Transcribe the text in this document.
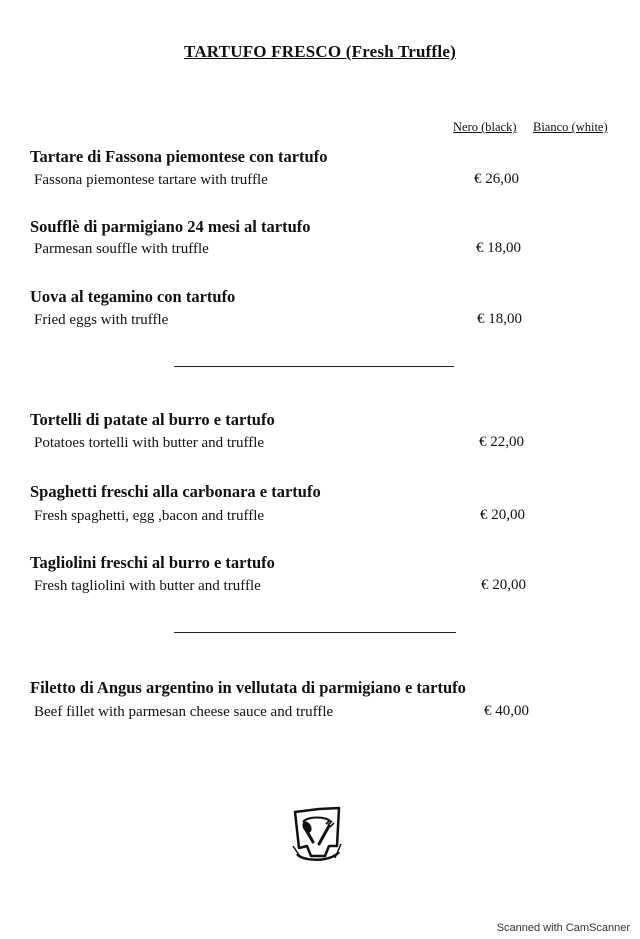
TARTUFO FRESCO (Fresh Truffle)
Nero (black) Bianco (white)
Tartare di Fassona piemontese con tartufo
Fassona piemontese tartare with truffle	€ 26,00
Soufflè di parmigiano 24 mesi al tartufo
Parmesan souffle with truffle	€ 18,00
Uova al tegamino con tartufo
Fried eggs with truffle	€ 18,00
Tortelli di patate al burro e tartufo
Potatoes tortelli with butter and truffle	€ 22,00
Spaghetti freschi alla carbonara e tartufo
Fresh spaghetti, egg ,bacon and truffle	€ 20,00
Tagliolini freschi al burro e tartufo
Fresh tagliolini with butter and truffle	€ 20,00
Filetto di Angus argentino in vellutata di parmigiano e tartufo
Beef fillet with parmesan cheese sauce and truffle	€ 40,00
Scanned with CamScanner
